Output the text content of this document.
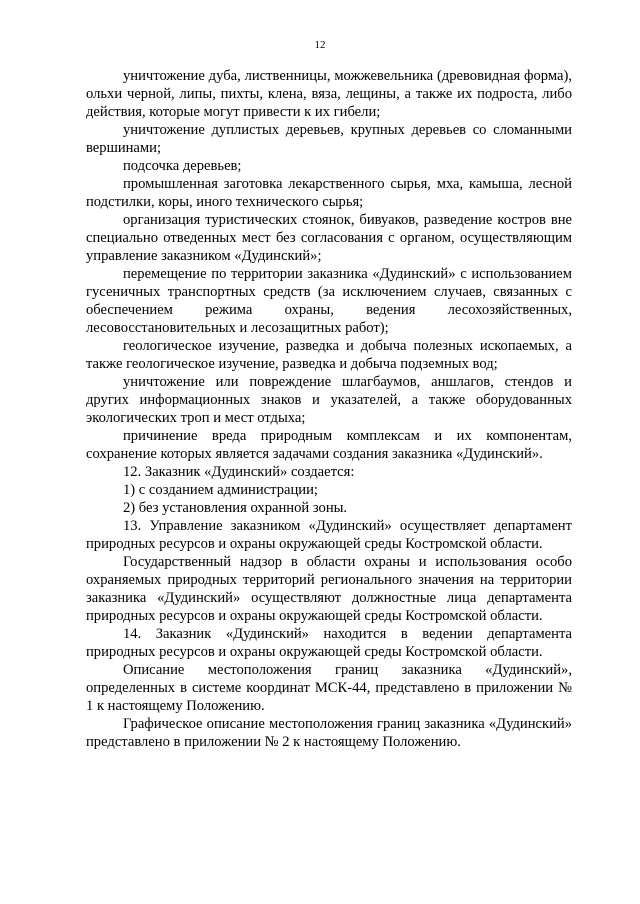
12

уничтожение дуба, лиственницы, можжевельника (древовидная форма), ольхи черной, липы, пихты, клена, вяза, лещины, а также их подроста, либо действия, которые могут привести к их гибели;

уничтожение дуплистых деревьев, крупных деревьев со сломанными вершинами;

подсочка деревьев;

промышленная заготовка лекарственного сырья, мха, камыша, лесной подстилки, коры, иного технического сырья;

организация туристических стоянок, бивуаков, разведение костров вне специально отведенных мест без согласования с органом, осуществляющим управление заказником «Дудинский»;

перемещение по территории заказника «Дудинский» с использованием гусеничных транспортных средств (за исключением случаев, связанных с обеспечением режима охраны, ведения лесохозяйственных, лесовосстановительных и лесозащитных работ);

геологическое изучение, разведка и добыча полезных ископаемых, а также геологическое изучение, разведка и добыча подземных вод;

уничтожение или повреждение шлагбаумов, аншлагов, стендов и других информационных знаков и указателей, а также оборудованных экологических троп и мест отдыха;

причинение вреда природным комплексам и их компонентам, сохранение которых является задачами создания заказника «Дудинский».

12. Заказник «Дудинский» создается:

1) с созданием администрации;

2) без установления охранной зоны.

13. Управление заказником «Дудинский» осуществляет департамент природных ресурсов и охраны окружающей среды Костромской области.

Государственный надзор в области охраны и использования особо охраняемых природных территорий регионального значения на территории заказника «Дудинский» осуществляют должностные лица департамента природных ресурсов и охраны окружающей среды Костромской области.

14. Заказник «Дудинский» находится в ведении департамента природных ресурсов и охраны окружающей среды Костромской области.

Описание местоположения границ заказника «Дудинский», определенных в системе координат МСК-44, представлено в приложении № 1 к настоящему Положению.

Графическое описание местоположения границ заказника «Дудинский» представлено в приложении № 2 к настоящему Положению.
